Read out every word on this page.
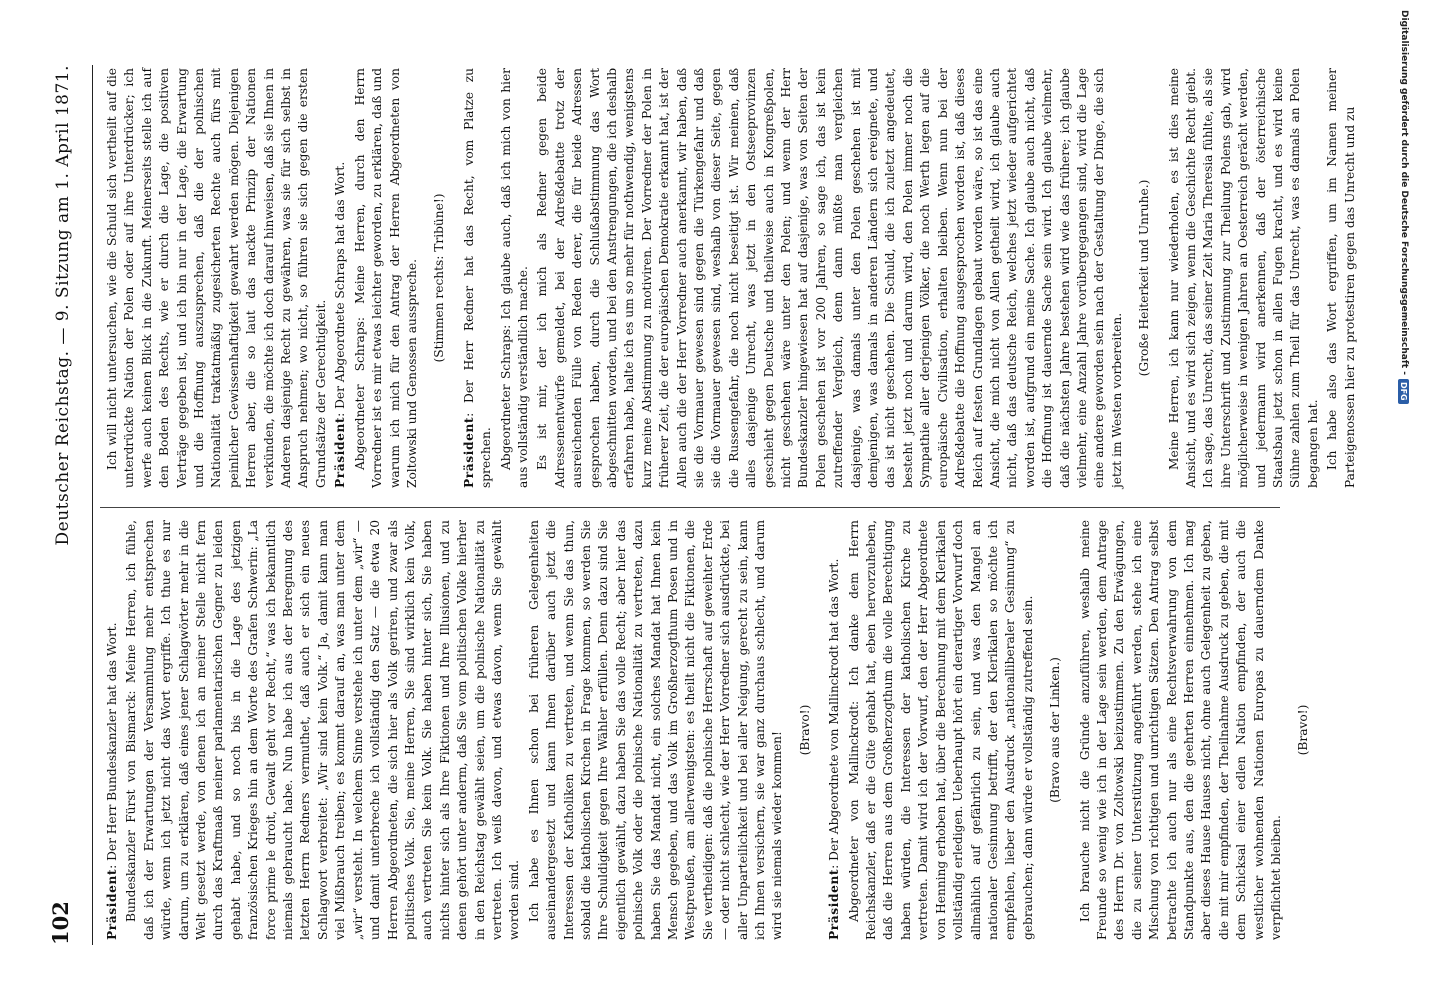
102
Deutscher Reichstag. — 9. Sitzung am 1. April 1871.
Präsident: Der Herr Bundeskanzler hat das Wort. Bundeskanzler Fürst von Bismarck: Meine Herren, ich fühle, daß ich der Erwartungen der Versammlung mehr entsprechen würde, wenn ich jetzt nicht das Wort ergriffe. Ich thue es nur darum, um zu erklären, daß eines jener Schlagwörter mehr in die Welt gesetzt werde, von denen ich an meiner Stelle nicht fern durch das Kraftmaaß meiner parlamentarischen Gegner zu leiden gehabt habe, und so noch bis in die Lage des jetzigen französischen Krieges hin an dem Worte des Grafen Schwerin: „La force prime le droit, Gewalt geht vor Recht,“ was ich bekanntlich niemals gebraucht habe. Nun habe ich aus der Beregnung des letzten Herrn Redners vermuthet, daß auch er sich ein neues Schlagwort verbreitet: „Wir sind kein Volk.“ Ja, damit kann man viel Mißbrauch treiben; es kommt darauf an, was man unter dem „wir“ versteht. In welchem Sinne verstehe ich unter dem „wir“ — und damit unterbreche ich vollständig den Satz — die etwa 20 Herren Abgeordneten, die sich hier als Volk geriren, und zwar als politisches Volk. Sie, meine Herren, Sie sind wirklich kein Volk, auch vertreten Sie kein Volk. Sie haben hinter sich, Sie haben nichts hinter sich als Ihre Fiktionen und Ihre Illusionen, und zu denen gehört unter anderm, daß Sie vom politischen Volke hierher in den Reichstag gewählt seien, um die polnische Nationalität zu vertreten. Ich weiß davon, und etwas davon, wenn Sie gewählt worden sind. Ich habe es Ihnen schon bei früheren Gelegenheiten auseinandergesetzt und kann Ihnen darüber auch jetzt die Interessen der Katholiken zu vertreten, und wenn Sie das thun, sobald die katholischen Kirchen in Frage kommen, so werden Sie Ihre Schuldigkeit gegen Ihre Wähler erfüllen. Denn dazu sind Sie eigentlich gewählt, dazu haben Sie das volle Recht; aber hier das polnische Volk oder die polnische Nationalität zu vertreten, dazu haben Sie das Mandat nicht, ein solches Mandat hat Ihnen kein Mensch gegeben, und das Volk im Großherzogthum Posen und in Westpreußen, am allerwenigsten: es theilt nicht die Fiktionen, die Sie vertheidigen: daß die polnische Herrschaft auf geweihter Erde — oder nicht schlecht, wie der Herr Vorredner sich ausdrückte, bei aller Unparteilichkeit und bei aller Neigung, gerecht zu sein, kann ich Ihnen versichern, sie war ganz durchaus schlecht, und darum wird sie niemals wieder kommen!
(Bravo!)
Präsident: Der Abgeordnete von Mallinckrodt hat das Wort. Abgeordneter von Mallinckrodt: Ich danke dem Herrn Reichskanzler, daß er die Güte gehabt hat, eben hervorzuheben, daß die Herren aus dem Großherzogthum die volle Berechtigung haben würden, die Interessen der katholischen Kirche zu vertreten. Damit wird ich der Vorwurf, den der Herr Abgeordnete von Henning erhoben hat, über die Berechnung mit dem Klerikalen vollständig erledigen. Ueberhaupt hört ein derartiger Vorwurf doch allmählich auf gefährlich zu sein, und was den Mangel an nationaler Gesinnung betrifft, der den Klerikalen so möchte ich empfehlen, lieber den Ausdruck „nationalliberaler Gesinnung“ zu gebrauchen; dann würde er vollständig zutreffend sein. (Bravo aus der Linken.) Ich brauche nicht die Gründe anzuführen, weshalb meine Freunde so wenig wie ich in der Lage sein werden, dem Antrage des Herrn Dr. von Zoltowski beizustimmen. Zu den Erwägungen, die zu seiner Unterstützung angeführt werden, stehe ich eine Mischung von richtigen und unrichtigen Sätzen. Den Antrag selbst betrachte ich auch nur als eine Rechtsverwahrung von dem Standpunkte aus, den die geehrten Herren einnehmen. Ich mag aber dieses Hause Hauses nicht, ohne auch Gelegenheit zu geben, die mit mir empfinden, der Theilnahme Ausdruck zu geben, die mit dem Schicksal einer edlen Nation empfinden, der auch die westlicher wohnenden Nationen Europas zu dauerndem Danke verpflichtet bleiben.
(Bravo!)
Ich will nicht untersuchen, wie die Schuld sich vertheilt auf die unterdrückte Nation der Polen oder auf ihre Unterdrücker; ich werfe auch keinen Blick in die Zukunft. Meinerseits stelle ich auf den Boden des Rechts, wie er durch die Lage, die positiven Verträge gegeben ist, und ich bin nur in der Lage, die Erwartung und die Hoffnung auszusprechen, daß die der polnischen Nationalität traktatmäßig zugesicherten Rechte auch fürs mit peinlicher Gewissenhaftigkeit gewahrt werden mögen. Diejenigen Herren aber, die so laut das nackte Prinzip der Nationen verkünden, die möchte ich doch darauf hinweisen, daß sie Ihnen in Anderen dasjenige Recht zu gewähren, was sie für sich selbst in Anspruch nehmen; wo nicht, so führen sie sich gegen die ersten Grundsätze der Gerechtigkeit. Präsident: Der Abgeordnete Schraps hat das Wort. Abgeordneter Schraps: Meine Herren, durch den Herrn Vorredner ist es mir etwas leichter geworden, zu erklären, daß und warum ich mich für den Antrag der Herren Abgeordneten von Zoltowski und Genossen ausspreche. (Stimmen rechts: Tribüne!)
Präsident: Der Herr Redner hat das Recht, vom Platze zu sprechen. Abgeordneter Schraps: Ich glaube auch, daß ich mich von hier aus vollständig verständlich mache. Es ist mir, der ich mich als Redner gegen beide Adressenentwürfe gemeldet, bei der Adreßdebatte trotz der ausreichenden Fülle von Reden derer, die für beide Adressen gesprochen haben, durch die Schlußabstimmung das Wort abgeschnitten worden, und bei den Anstrengungen, die ich deshalb erfahren habe, halte ich es um so mehr für nothwendig, wenigstens kurz meine Abstimmung zu motiviren. Der Vorredner der Polen in früherer Zeit, die der europäischen Demokratie erkannt hat, ist der Allen auch die der Herr Vorredner auch anerkannt, wir haben, daß sie die Vormauer gewesen sind gegen die Türkengefahr und daß sie die Vormauer gewesen sind, weshalb von dieser Seite, gegen die Russengefahr, die noch nicht beseitigt ist. Wir meinen, daß alles dasjenige Unrecht, was jetzt in den Ostseeprovinzen geschieht gegen Deutsche und theilweise auch in Kongreßpolen, nicht geschehen wäre unter den Polen; und wenn der Herr Bundeskanzler hingewiesen hat auf dasjenige, was von Seiten der Polen geschehen ist vor 200 Jahren, so sage ich, das ist kein zutreffender Vergleich, denn dann müßte man vergleichen dasjenige, was damals unter den Polen geschehen ist mit demjenigen, was damals in anderen Ländern sich ereignete, und das ist nicht geschehen. Die Schuld, die ich zuletzt angedeutet, besteht jetzt noch und darum wird, den Polen immer noch die Sympathie aller derjenigen Völker, die noch Werth legen auf die europäische Civilisation, erhalten bleiben. Wenn nun bei der Adreßdebatte die Hoffnung ausgesprochen worden ist, daß dieses Reich auf festen Grundlagen gebaut worden wäre, so ist das eine Ansicht, die mich nicht von Allen getheilt wird, ich glaube auch nicht, daß das deutsche Reich, welches jetzt wieder aufgerichtet worden ist, aufgrund ein meine Sache. Ich glaube auch nicht, daß die Hoffnung ist dauernde Sache sein wird. Ich glaube vielmehr, daß die nächsten Jahre bestehen wird wie das frühere; ich glaube vielmehr, eine Anzahl Jahre vorübergegangen sind, wird die Lage eine andere geworden sein nach der Gestaltung der Dinge, die sich jetzt im Westen vorbereiten.
(Große Heiterkeit und Unruhe.) Meine Herren, ich kann nur wiederholen, es ist dies meine Ansicht, und es wird sich zeigen, wenn die Geschichte Recht giebt. Ich sage, das Unrecht, das seiner Zeit Maria Theresia fühlte, als sie ihre Unterschrift und Zustimmung zur Theilung Polens gab, wird möglicherweise in wenigen Jahren an Oesterreich gerächt werden, und jedermann wird anerkennen, daß der österreichische Staatsbau jetzt schon in allen Fugen kracht, und es wird keine Sühne zahlen zum Theil für das Unrecht, was es damals an Polen begangen hat. Ich habe also das Wort ergriffen, um im Namen meiner Parteigenossen hier zu protestiren gegen das Unrecht und zu	Digitalisierung gefördert durch die Deutsche Forschungsgemeinschaft -
DFG
